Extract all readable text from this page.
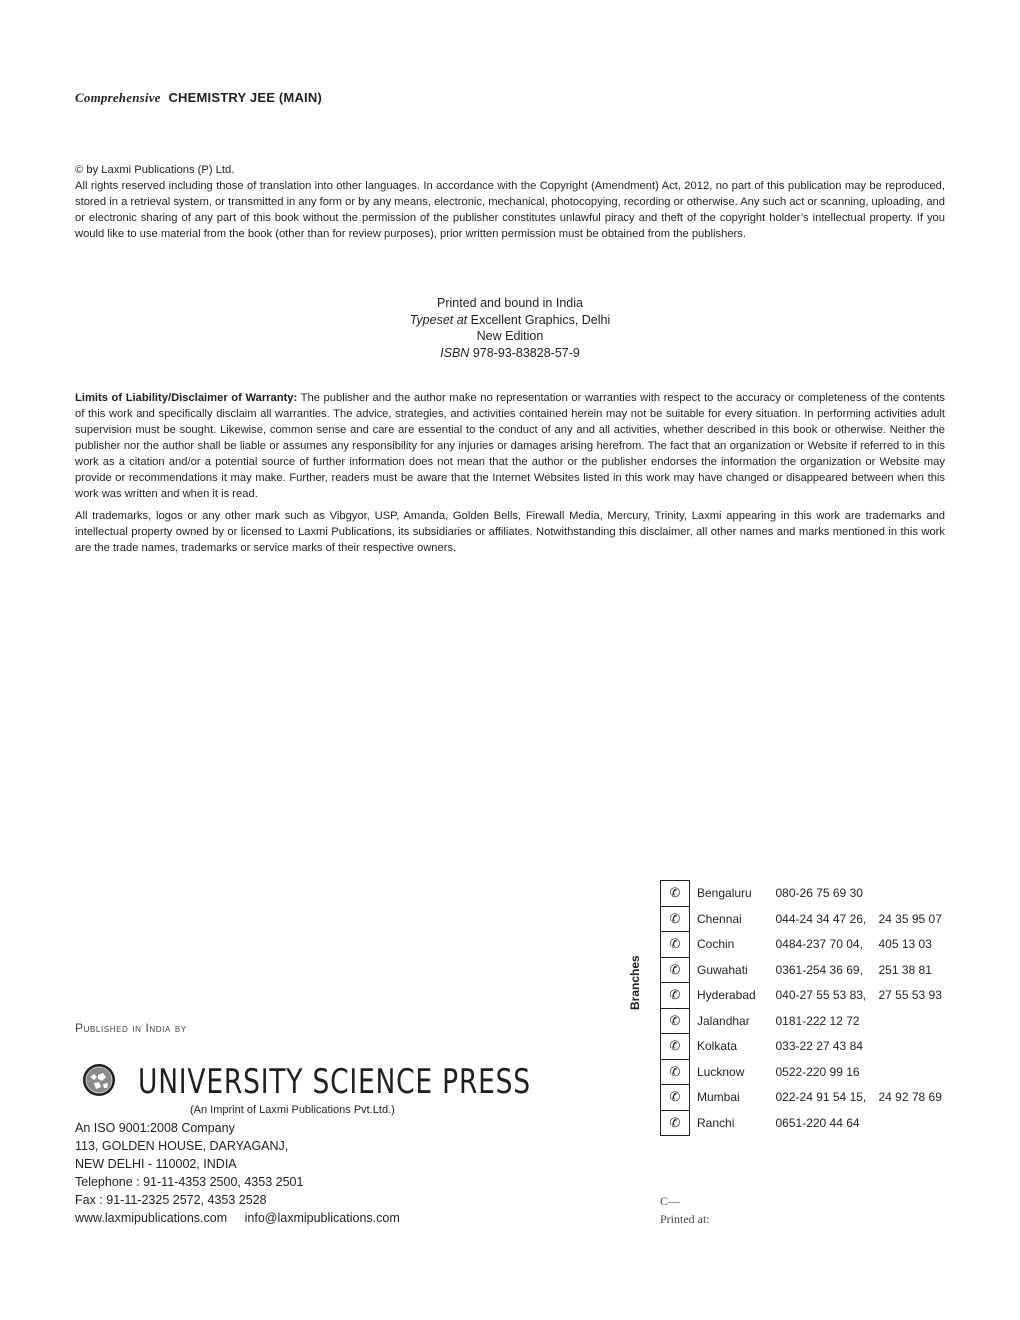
Comprehensive CHEMISTRY JEE (MAIN)

© by Laxmi Publications (P) Ltd.

All rights reserved including those of translation into other languages. In accordance with the Copyright (Amendment) Act, 2012, no part of this publication may be reproduced, stored in a retrieval system, or transmitted in any form or by any means, electronic, mechanical, photocopying, recording or otherwise. Any such act or scanning, uploading, and or electronic sharing of any part of this book without the permission of the publisher constitutes unlawful piracy and theft of the copyright holder’s intellectual property. If you would like to use material from the book (other than for review purposes), prior written permission must be obtained from the publishers.

Printed and bound in India
Typeset at Excellent Graphics, Delhi
New Edition
ISBN 978-93-83828-57-9

Limits of Liability/Disclaimer of Warranty: The publisher and the author make no representation or warranties with respect to the accuracy or completeness of the contents of this work and specifically disclaim all warranties. The advice, strategies, and activities contained herein may not be suitable for every situation. In performing activities adult supervision must be sought. Likewise, common sense and care are essential to the conduct of any and all activities, whether described in this book or otherwise. Neither the publisher nor the author shall be liable or assumes any responsibility for any injuries or damages arising herefrom. The fact that an organization or Website if referred to in this work as a citation and/or a potential source of further information does not mean that the author or the publisher endorses the information the organization or Website may provide or recommendations it may make. Further, readers must be aware that the Internet Websites listed in this work may have changed or disappeared between when this work was written and when it is read.

All trademarks, logos or any other mark such as Vibgyor, USP, Amanda, Golden Bells, Firewall Media, Mercury, Trinity, Laxmi appearing in this work are trademarks and intellectual property owned by or licensed to Laxmi Publications, its subsidiaries or affiliates. Notwithstanding this disclaimer, all other names and marks mentioned in this work are the trade names, trademarks or service marks of their respective owners.

Published in India by
UNIVERSITY SCIENCE PRESS
(An Imprint of Laxmi Publications Pvt.Ltd.)
An ISO 9001:2008 Company
113, GOLDEN HOUSE, DARYAGANJ,
NEW DELHI - 110002, INDIA
Telephone : 91-11-4353 2500, 4353 2501
Fax : 91-11-2325 2572, 4353 2528
www.laxmipublications.com info@laxmipublications.com
Branches
✆	Bengaluru	080-26 75 69 30	
✆	Chennai	044-24 34 47 26,	24 35 95 07
✆	Cochin	0484-237 70 04,	405 13 03
✆	Guwahati	0361-254 36 69,	251 38 81
✆	Hyderabad	040-27 55 53 83,	27 55 53 93
✆	Jalandhar	0181-222 12 72	
✆	Kolkata	033-22 27 43 84	
✆	Lucknow	0522-220 99 16	
✆	Mumbai	022-24 91 54 15,	24 92 78 69
✆	Ranchi	0651-220 44 64	
C—
Printed at:
